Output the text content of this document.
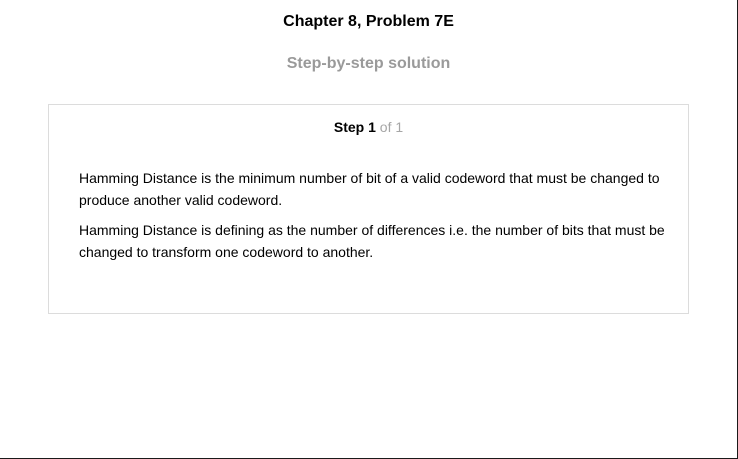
Chapter 8, Problem 7E
Step-by-step solution
Step 1 of 1

Hamming Distance is the minimum number of bit of a valid codeword that must be changed to produce another valid codeword.

Hamming Distance is defining as the number of differences i.e. the number of bits that must be changed to transform one codeword to another.
